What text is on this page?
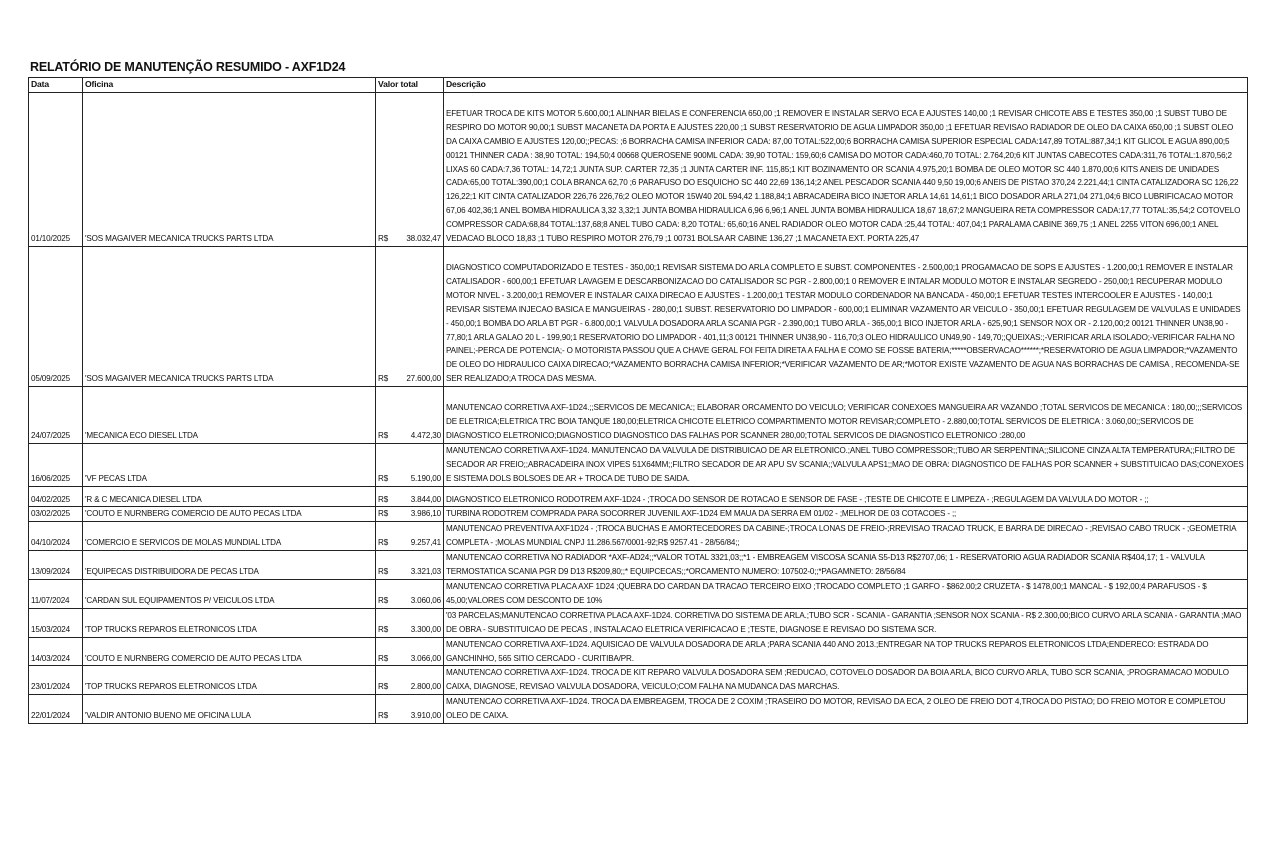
RELATÓRIO DE MANUTENÇÃO RESUMIDO - AXF1D24
Data	Oficina	Valor total	Descrição
01/10/2025	'SOS MAGAIVER MECANICA TRUCKS PARTS LTDA	R$ 38.032,47	EFETUAR TROCA DE KITS MOTOR 5.600,00;1 ALINHAR BIELAS E CONFERENCIA 650,00 ;1 REMOVER E INSTALAR SERVO ECA E AJUSTES 140,00 ;1 REVISAR CHICOTE ABS E TESTES 350,00 ;1 SUBST TUBO DE RESPIRO DO MOTOR 90,00;1 SUBST MACANETA DA PORTA E AJUSTES 220,00 ;1 SUBST RESERVATORIO DE AGUA LIMPADOR 350,00 ;1 EFETUAR REVISAO RADIADOR DE OLEO DA CAIXA 650,00 ;1 SUBST OLEO DA CAIXA CAMBIO E AJUSTES 120,00;;PECAS: ;6 BORRACHA CAMISA INFERIOR CADA: 87,00 TOTAL:522,00;6 BORRACHA CAMISA SUPERIOR ESPECIAL CADA:147,89 TOTAL:887,34;1 KIT GLICOL E AGUA 890,00;5 00121 THINNER CADA : 38,90 TOTAL: 194,50;4 00668 QUEROSENE 900ML CADA: 39,90 TOTAL: 159,60;6 CAMISA DO MOTOR CADA:460,70 TOTAL: 2.764,20;6 KIT JUNTAS CABECOTES CADA:311,76 TOTAL:1.870,56;2 LIXAS 60 CADA:7,36 TOTAL: 14,72;1 JUNTA SUP. CARTER 72,35 ;1 JUNTA CARTER INF. 115,85;1 KIT BOZINAMENTO OR SCANIA 4.975,20;1 BOMBA DE OLEO MOTOR SC 440 1.870,00;6 KITS ANEIS DE UNIDADES CADA:65,00 TOTAL:390,00;1 COLA BRANCA 62,70 ;6 PARAFUSO DO ESQUICHO SC 440 22,69 136,14;2 ANEL PESCADOR SCANIA 440 9,50 19,00;6 ANEIS DE PISTAO 370,24 2.221,44;1 CINTA CATALIZADORA SC 126,22 126,22;1 KIT CINTA CATALIZADOR 226,76 226,76;2 OLEO MOTOR 15W40 20L 594,42 1.188,84;1 ABRACADEIRA BICO INJETOR ARLA 14,61 14,61;1 BICO DOSADOR ARLA 271,04 271,04;6 BICO LUBRIFICACAO MOTOR 67,06 402,36;1 ANEL BOMBA HIDRAULICA 3,32 3,32;1 JUNTA BOMBA HIDRAULICA 6,96 6,96;1 ANEL JUNTA BOMBA HIDRAULICA 18,67 18,67;2 MANGUEIRA RETA COMPRESSOR CADA:17,77 TOTAL:35,54;2 COTOVELO COMPRESSOR CADA:68,84 TOTAL:137,68;8 ANEL TUBO CADA: 8,20 TOTAL: 65,60;16 ANEL RADIADOR OLEO MOTOR CADA :25,44 TOTAL: 407,04;1 PARALAMA CABINE 369,75 ;1 ANEL 2255 VITON 696,00;1 ANEL VEDACAO BLOCO 18,83 ;1 TUBO RESPIRO MOTOR 276,79 ;1 00731 BOLSA AR CABINE 136,27 ;1 MACANETA EXT. PORTA 225,47
05/09/2025	'SOS MAGAIVER MECANICA TRUCKS PARTS LTDA	R$ 27.600,00	DIAGNOSTICO COMPUTADORIZADO E TESTES - 350,00;1 REVISAR SISTEMA DO ARLA COMPLETO E SUBST. COMPONENTES - 2.500,00;1 PROGAMACAO DE SOPS E AJUSTES - 1.200,00;1 REMOVER E INSTALAR CATALISADOR - 600,00;1 EFETUAR LAVAGEM E DESCARBONIZACAO DO CATALISADOR SC PGR - 2.800,00;1 0 REMOVER E INTALAR MODULO MOTOR E INSTALAR SEGREDO - 250,00;1 RECUPERAR MODULO MOTOR NIVEL - 3.200,00;1 REMOVER E INSTALAR CAIXA DIRECAO E AJUSTES - 1.200,00;1 TESTAR MODULO CORDENADOR NA BANCADA - 450,00;1 EFETUAR TESTES INTERCOOLER E AJUSTES - 140,00;1 REVISAR SISTEMA INJECAO BASICA E MANGUEIRAS - 280,00;1 SUBST. RESERVATORIO DO LIMPADOR - 600,00;1 ELIMINAR VAZAMENTO AR VEICULO - 350,00;1 EFETUAR REGULAGEM DE VALVULAS E UNIDADES - 450,00;1 BOMBA DO ARLA BT PGR - 6.800,00;1 VALVULA DOSADORA ARLA SCANIA PGR - 2.390,00;1 TUBO ARLA - 365,00;1 BICO INJETOR ARLA - 625,90;1 SENSOR NOX OR - 2.120,00;2 00121 THINNER UN38,90 - 77,80;1 ARLA GALAO 20 L - 199,90;1 RESERVATORIO DO LIMPADOR - 401,11;3 00121 THINNER UN38,90 - 116,70;3 OLEO HIDRAULICO UN49,90 - 149,70;;QUEIXAS:;-VERIFICAR ARLA ISOLADO;-VERIFICAR FALHA NO PAINEL;-PERCA DE POTENCIA;- O MOTORISTA PASSOU QUE A CHAVE GERAL FOI FEITA DIRETA A FALHA E COMO SE FOSSE BATERIA;*****OBSERVACAO******;*RESERVATORIO DE AGUA LIMPADOR;*VAZAMENTO DE OLEO DO HIDRAULICO CAIXA DIRECAO;*VAZAMENTO BORRACHA CAMISA INFERIOR;*VERIFICAR VAZAMENTO DE AR;*MOTOR EXISTE VAZAMENTO DE AGUA NAS BORRACHAS DE CAMISA , RECOMENDA-SE SER REALIZADO;A TROCA DAS MESMA.
24/07/2025	'MECANICA ECO DIESEL LTDA	R$ 4.472,30	MANUTENCAO CORRETIVA AXF-1D24.;;SERVICOS DE MECANICA:; ELABORAR ORCAMENTO DO VEICULO; VERIFICAR CONEXOES MANGUEIRA AR VAZANDO ;TOTAL SERVICOS DE MECANICA : 180,00;;;SERVICOS DE ELETRICA;ELETRICA TRC BOIA TANQUE 180,00;ELETRICA CHICOTE ELETRICO COMPARTIMENTO MOTOR REVISAR;COMPLETO - 2.880,00;TOTAL SERVICOS DE ELETRICA : 3.060,00;;SERVICOS DE DIAGNOSTICO ELETRONICO;DIAGNOSTICO DIAGNOSTICO DAS FALHAS POR SCANNER 280,00;TOTAL SERVICOS DE DIAGNOSTICO ELETRONICO :280,00
16/06/2025	'VF PECAS LTDA	R$ 5.190,00	MANUTENCAO CORRETIVA AXF-1D24. MANUTENCAO DA VALVULA DE DISTRIBUICAO DE AR ELETRONICO.;ANEL TUBO COMPRESSOR;;TUBO AR SERPENTINA;;SILICONE CINZA ALTA TEMPERATURA;;FILTRO DE SECADOR AR FREIO;;ABRACADEIRA INOX VIPES 51X64MM;;FILTRO SECADOR DE AR APU SV SCANIA;;VALVULA APS1;;MAO DE OBRA: DIAGNOSTICO DE FALHAS POR SCANNER + SUBSTITUICAO DAS;CONEXOES E SISTEMA DOLS BOLSOES DE AR + TROCA DE TUBO DE SAIDA.
04/02/2025	'R & C MECANICA DIESEL LTDA	R$ 3.844,00	DIAGNOSTICO ELETRONICO RODOTREM AXF-1D24 - ;TROCA DO SENSOR DE ROTACAO E SENSOR DE FASE - ;TESTE DE CHICOTE E LIMPEZA - ;REGULAGEM DA VALVULA DO MOTOR - ;;
03/02/2025	'COUTO E NURNBERG COMERCIO DE AUTO PECAS LTDA	R$ 3.986,10	TURBINA RODOTREM COMPRADA PARA SOCORRER JUVENIL AXF-1D24 EM MAUA DA SERRA EM 01/02 - ;MELHOR DE 03 COTACOES - ;;
04/10/2024	'COMERCIO E SERVICOS DE MOLAS MUNDIAL LTDA	R$ 9.257,41	MANUTENCAO PREVENTIVA AXF1D24 - ;TROCA BUCHAS E AMORTECEDORES DA CABINE-;TROCA LONAS DE FREIO-;RREVISAO TRACAO TRUCK, E BARRA DE DIRECAO - ;REVISAO CABO TRUCK - ;GEOMETRIA COMPLETA - ;MOLAS MUNDIAL CNPJ 11.286.567/0001-92;R$ 9257.41 - 28/56/84;;
13/09/2024	'EQUIPECAS DISTRIBUIDORA DE PECAS LTDA	R$ 3.321,03	MANUTENCAO CORRETIVA NO RADIADOR *AXF-AD24;;*VALOR TOTAL 3321,03;;*1 - EMBREAGEM VISCOSA SCANIA S5-D13 R$2707,06; 1 - RESERVATORIO AGUA RADIADOR SCANIA R$404,17; 1 - VALVULA TERMOSTATICA SCANIA PGR D9 D13 R$209,80;;* EQUIPCECAS;;*ORCAMENTO NUMERO: 107502-0;;*PAGAMNETO: 28/56/84
11/07/2024	'CARDAN SUL EQUIPAMENTOS P/ VEICULOS LTDA	R$ 3.060,06	MANUTENCAO CORRETIVA PLACA AXF 1D24 ;QUEBRA DO CARDAN DA TRACAO TERCEIRO EIXO ;TROCADO COMPLETO ;1 GARFO - $862.00;2 CRUZETA - $ 1478,00;1 MANCAL - $ 192,00;4 PARAFUSOS - $ 45,00;VALORES COM DESCONTO DE 10%
15/03/2024	'TOP TRUCKS REPAROS ELETRONICOS LTDA	R$ 3.300,00	'03 PARCELAS;MANUTENCAO CORRETIVA PLACA AXF-1D24. CORRETIVA DO SISTEMA DE ARLA.;TUBO SCR - SCANIA - GARANTIA ;SENSOR NOX SCANIA - R$ 2.300,00;BICO CURVO ARLA SCANIA - GARANTIA ;MAO DE OBRA - SUBSTITUICAO DE PECAS , INSTALACAO ELETRICA VERIFICACAO E ;TESTE, DIAGNOSE E REVISAO DO SISTEMA SCR.
14/03/2024	'COUTO E NURNBERG COMERCIO DE AUTO PECAS LTDA	R$ 3.066,00	MANUTENCAO CORRETIVA AXF-1D24. AQUISICAO DE VALVULA DOSADORA DE ARLA ;PARA SCANIA 440 ANO 2013.;ENTREGAR NA TOP TRUCKS REPAROS ELETRONICOS LTDA;ENDERECO: ESTRADA DO GANCHINHO, 565 SITIO CERCADO - CURITIBA/PR.
23/01/2024	'TOP TRUCKS REPAROS ELETRONICOS LTDA	R$ 2.800,00	MANUTENCAO CORRETIVA AXF-1D24. TROCA DE KIT REPARO VALVULA DOSADORA SEM ;REDUCAO, COTOVELO DOSADOR DA BOIA ARLA, BICO CURVO ARLA, TUBO SCR SCANIA, ;PROGRAMACAO MODULO CAIXA, DIAGNOSE, REVISAO VALVULA DOSADORA, VEICULO;COM FALHA NA MUDANCA DAS MARCHAS.
22/01/2024	'VALDIR ANTONIO BUENO ME OFICINA LULA	R$ 3.910,00	MANUTENCAO CORRETIVA AXF-1D24. TROCA DA EMBREAGEM, TROCA DE 2 COXIM ;TRASEIRO DO MOTOR, REVISAO DA ECA, 2 OLEO DE FREIO DOT 4,TROCA DO PISTAO; DO FREIO MOTOR E COMPLETOU OLEO DE CAIXA.
